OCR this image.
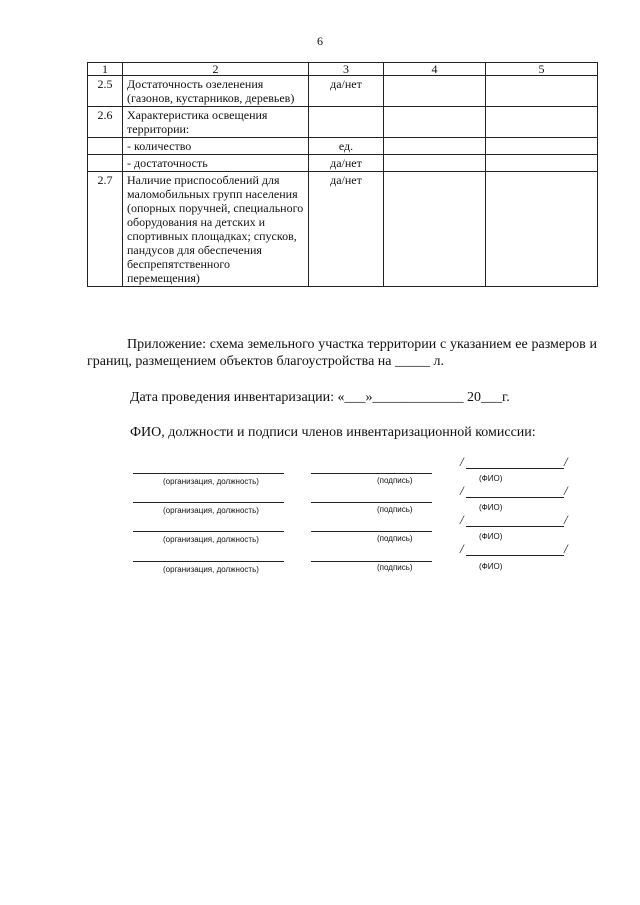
6
1	2	3	4	5
2.5	Достаточность озеленения (газонов, кустарников, деревьев)	да/нет		
2.6	Характеристика освещения территории:			
	- количество	ед.		
	- достаточность	да/нет		
2.7	Наличие приспособлений для маломобильных групп населения (опорных поручней, специального оборудования на детских и спортивных площадках; спусков, пандусов для обеспечения беспрепятственного перемещения)	да/нет		
Приложение: схема земельного участка территории с указанием ее размеров и границ, размещением объектов благоустройства на _____ л.
Дата проведения инвентаризации: «___»_____________ 20___г.
ФИО, должности и подписи членов инвентаризационной комиссии:
(организация, должность)	(подпись)
/	/
(ФИО)
(организация, должность)	(подпись)
/	/
(ФИО)
(организация, должность)	(подпись)
/	/
(ФИО)
(организация, должность)	(подпись)
/	/
(ФИО)
